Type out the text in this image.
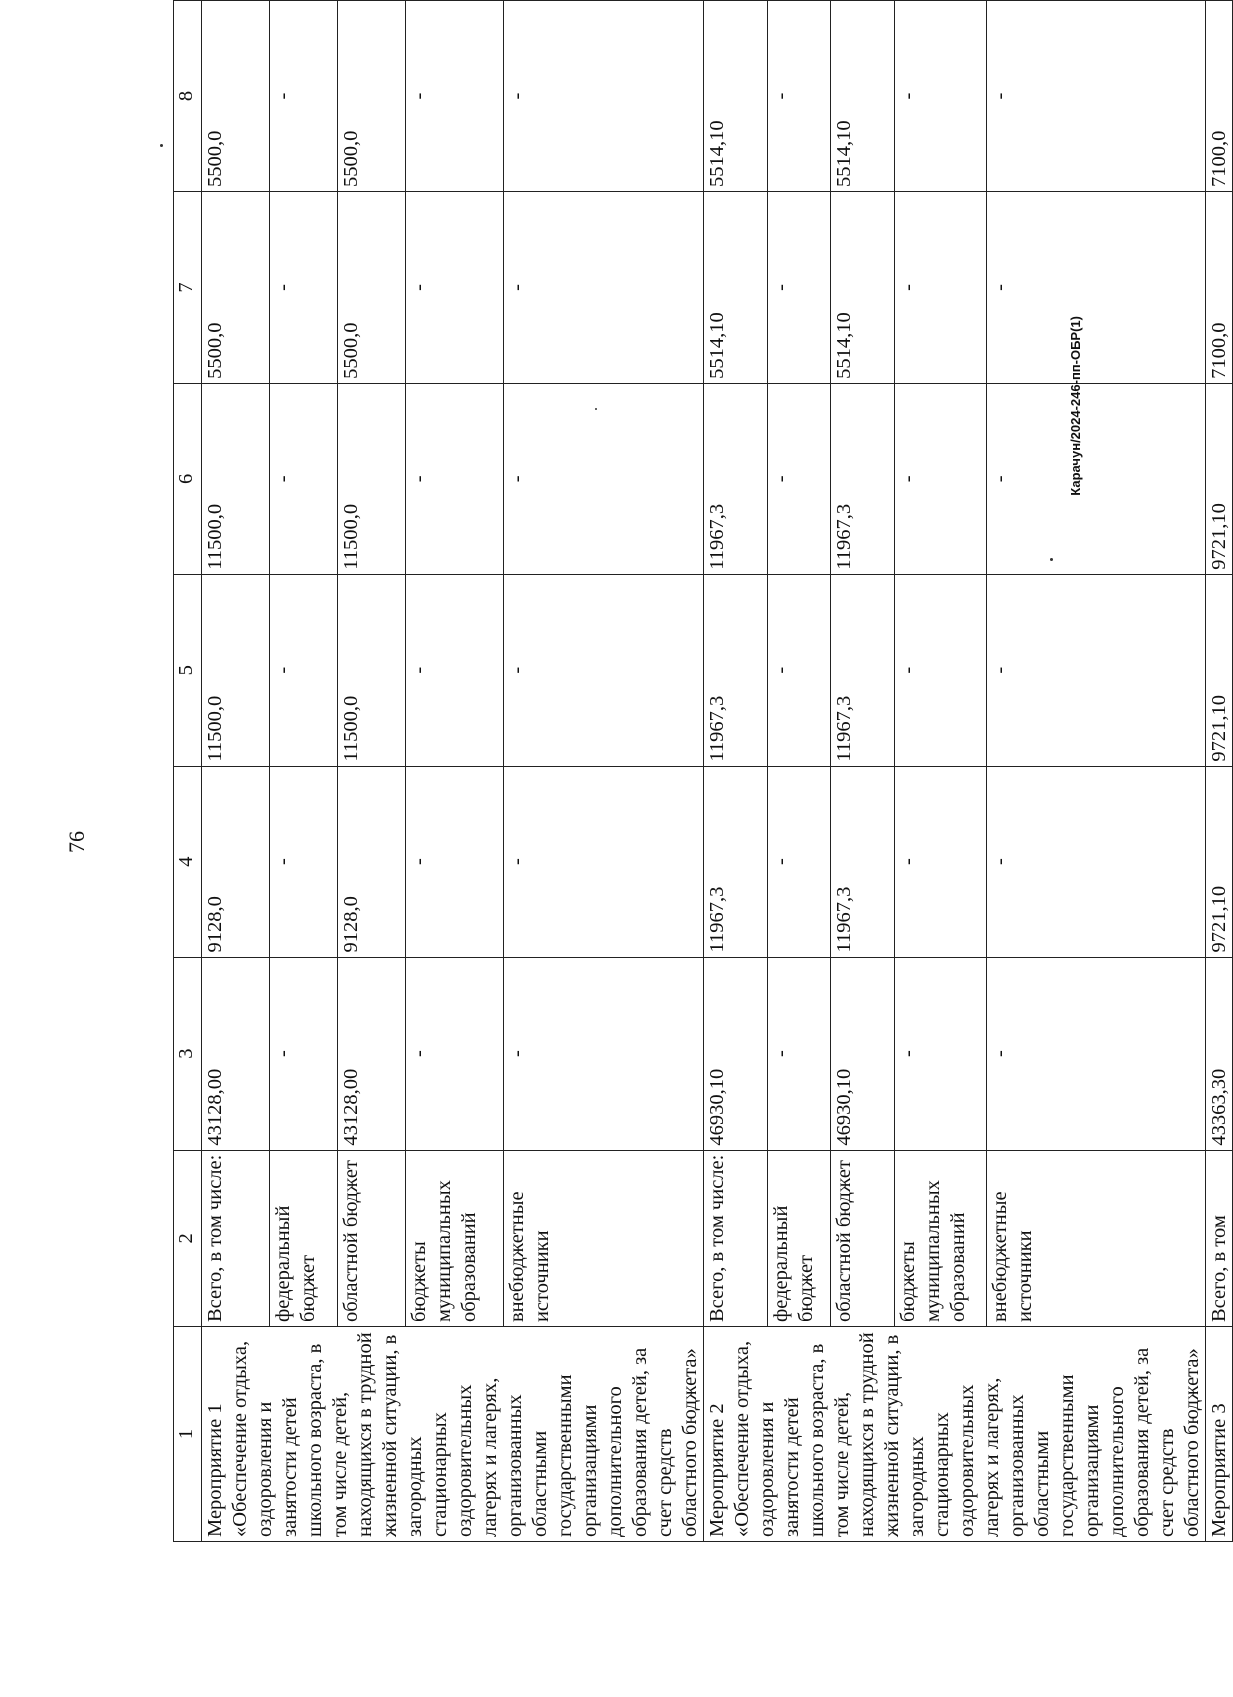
76
1	2	3	4	5	6	7	8
Мероприятие 1 «Обеспечение отдыха, оздоровления и занятости детей школьного возраста, в том числе детей, находящихся в трудной жизненной ситуации, в загородных стационарных оздоровительных лагерях и лагерях, организованных областными государственными организациями дополнительного образования детей, за счет средств областного бюджета»	Всего, в том числе:	43128,00	9128,0	11500,0	11500,0	5500,0	5500,0
	федеральный бюджет	-	-	-	-	-	-
	областной бюджет	43128,00	9128,0	11500,0	11500,0	5500,0	5500,0
	бюджеты муниципальных образований	-	-	-	-	-	-
	внебюджетные источники	-	-	-	-	-	-
Мероприятие 2 «Обеспечение отдыха, оздоровления и занятости детей школьного возраста, в том числе детей, находящихся в трудной жизненной ситуации, в загородных стационарных оздоровительных лагерях и лагерях, организованных областными государственными организациями дополнительного образования детей, за счет средств областного бюджета»	Всего, в том числе:	46930,10	11967,3	11967,3	11967,3	5514,10	5514,10
	федеральный бюджет	-	-	-	-	-	-
	областной бюджет	46930,10	11967,3	11967,3	11967,3	5514,10	5514,10
	бюджеты муниципальных образований	-	-	-	-	-	-
	внебюджетные источники	-	-	-	-	-	-
Мероприятие 3	Всего, в том	43363,30	9721,10	9721,10	9721,10	7100,0	7100,0
Карачун/2024-246-пп-ОБР(1)
